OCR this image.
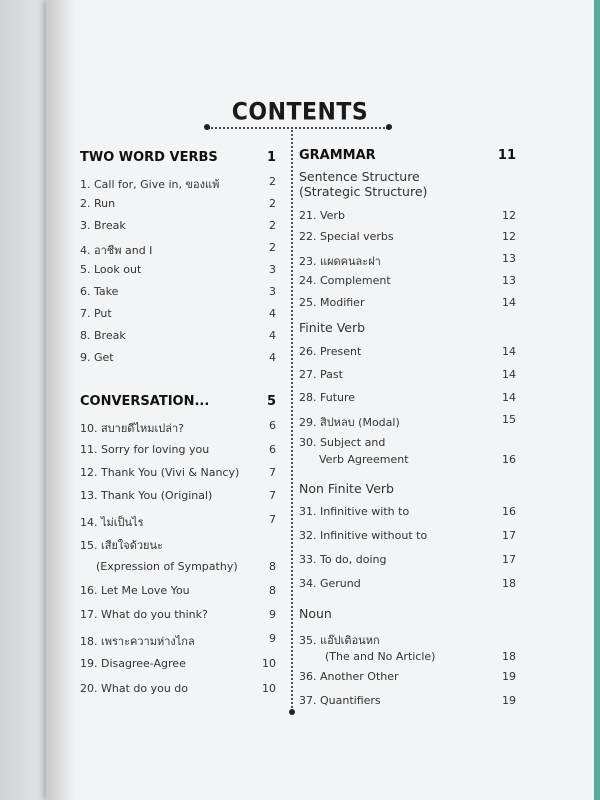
CONTENTS
TWO WORD VERBS	1
1. Call for, Give in, ของแพ้	2
2. Run	2
3. Break	2
4. อาชีพ and I	2
5. Look out	3
6. Take	3
7. Put	4
8. Break	4
9. Get	4
CONVERSATION...	5
10. สบายดีไหมเปล่า?	6
11. Sorry for loving you	6
12. Thank You (Vivi & Nancy)	7
13. Thank You (Original)	7
14. ไม่เป็นไร	7
15. เสียใจด้วยนะ
(Expression of Sympathy)	8
16. Let Me Love You	8
17. What do you think?	9
18. เพราะความห่างไกล	9
19. Disagree-Agree	10
20. What do you do	10
GRAMMAR	11
Sentence Structure
(Strategic Structure)
21. Verb	12
22. Special verbs	12
23. แผดคนละฝา	13
24. Complement	13
25. Modifier	14
Finite Verb
26. Present	14
27. Past	14
28. Future	14
29. สิปหลบ (Modal)	15
30. Subject and
Verb Agreement	16
Non Finite Verb
31. Infinitive with to	16
32. Infinitive without to	17
33. To do, doing	17
34. Gerund	18
Noun
35. แอ๊ปเติอนหก
(The and No Article)	18
36. Another Other	19
37. Quantifiers	19
